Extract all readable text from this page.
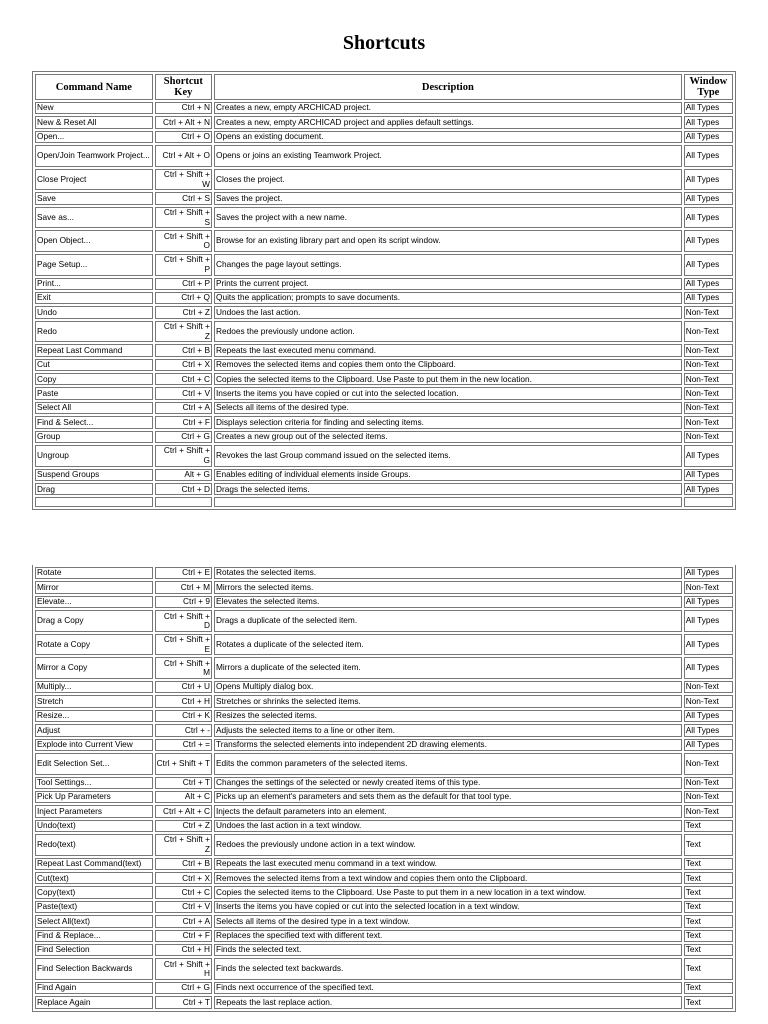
Shortcuts
Command Name	Shortcut Key	Description	Window Type
New	Ctrl + N	Creates a new, empty ARCHICAD project.	All Types
New & Reset All	Ctrl + Alt + N	Creates a new, empty ARCHICAD project and applies default settings.	All Types
Open...	Ctrl + O	Opens an existing document.	All Types
Open/Join Teamwork Project...	Ctrl + Alt + O	Opens or joins an existing Teamwork Project.	All Types
Close Project	Ctrl + Shift + W	Closes the project.	All Types
Save	Ctrl + S	Saves the project.	All Types
Save as...	Ctrl + Shift + S	Saves the project with a new name.	All Types
Open Object...	Ctrl + Shift + O	Browse for an existing library part and open its script window.	All Types
Page Setup...	Ctrl + Shift + P	Changes the page layout settings.	All Types
Print...	Ctrl + P	Prints the current project.	All Types
Exit	Ctrl + Q	Quits the application; prompts to save documents.	All Types
Undo	Ctrl + Z	Undoes the last action.	Non-Text
Redo	Ctrl + Shift + Z	Redoes the previously undone action.	Non-Text
Repeat Last Command	Ctrl + B	Repeats the last executed menu command.	Non-Text
Cut	Ctrl + X	Removes the selected items and copies them onto the Clipboard.	Non-Text
Copy	Ctrl + C	Copies the selected items to the Clipboard. Use Paste to put them in the new location.	Non-Text
Paste	Ctrl + V	Inserts the items you have copied or cut into the selected location.	Non-Text
Select All	Ctrl + A	Selects all items of the desired type.	Non-Text
Find & Select...	Ctrl + F	Displays selection criteria for finding and selecting items.	Non-Text
Group	Ctrl + G	Creates a new group out of the selected items.	Non-Text
Ungroup	Ctrl + Shift + G	Revokes the last Group command issued on the selected items.	All Types
Suspend Groups	Alt + G	Enables editing of individual elements inside Groups.	All Types
Drag	Ctrl + D	Drags the selected items.	All Types

Rotate	Ctrl + E	Rotates the selected items.	All Types
Mirror	Ctrl + M	Mirrors the selected items.	Non-Text
Elevate...	Ctrl + 9	Elevates the selected items.	All Types
Drag a Copy	Ctrl + Shift + D	Drags a duplicate of the selected item.	All Types
Rotate a Copy	Ctrl + Shift + E	Rotates a duplicate of the selected item.	All Types
Mirror a Copy	Ctrl + Shift + M	Mirrors a duplicate of the selected item.	All Types
Multiply...	Ctrl + U	Opens Multiply dialog box.	Non-Text
Stretch	Ctrl + H	Stretches or shrinks the selected items.	Non-Text
Resize...	Ctrl + K	Resizes the selected items.	All Types
Adjust	Ctrl + -	Adjusts the selected items to a line or other item.	All Types
Explode into Current View	Ctrl + =	Transforms the selected elements into independent 2D drawing elements.	All Types
Edit Selection Set...	Ctrl + Shift + T	Edits the common parameters of the selected items.	Non-Text
Tool Settings...	Ctrl + T	Changes the settings of the selected or newly created items of this type.	Non-Text
Pick Up Parameters	Alt + C	Picks up an element's parameters and sets them as the default for that tool type.	Non-Text
Inject Parameters	Ctrl + Alt + C	Injects the default parameters into an element.	Non-Text
Undo(text)	Ctrl + Z	Undoes the last action in a text window.	Text
Redo(text)	Ctrl + Shift + Z	Redoes the previously undone action in a text window.	Text
Repeat Last Command(text)	Ctrl + B	Repeats the last executed menu command in a text window.	Text
Cut(text)	Ctrl + X	Removes the selected items from a text window and copies them onto the Clipboard.	Text
Copy(text)	Ctrl + C	Copies the selected items to the Clipboard. Use Paste to put them in a new location in a text window.	Text
Paste(text)	Ctrl + V	Inserts the items you have copied or cut into the selected location in a text window.	Text
Select All(text)	Ctrl + A	Selects all items of the desired type in a text window.	Text
Find & Replace...	Ctrl + F	Replaces the specified text with different text.	Text
Find Selection	Ctrl + H	Finds the selected text.	Text
Find Selection Backwards	Ctrl + Shift + H	Finds the selected text backwards.	Text
Find Again	Ctrl + G	Finds next occurrence of the specified text.	Text
Replace Again	Ctrl + T	Repeats the last replace action.	Text
